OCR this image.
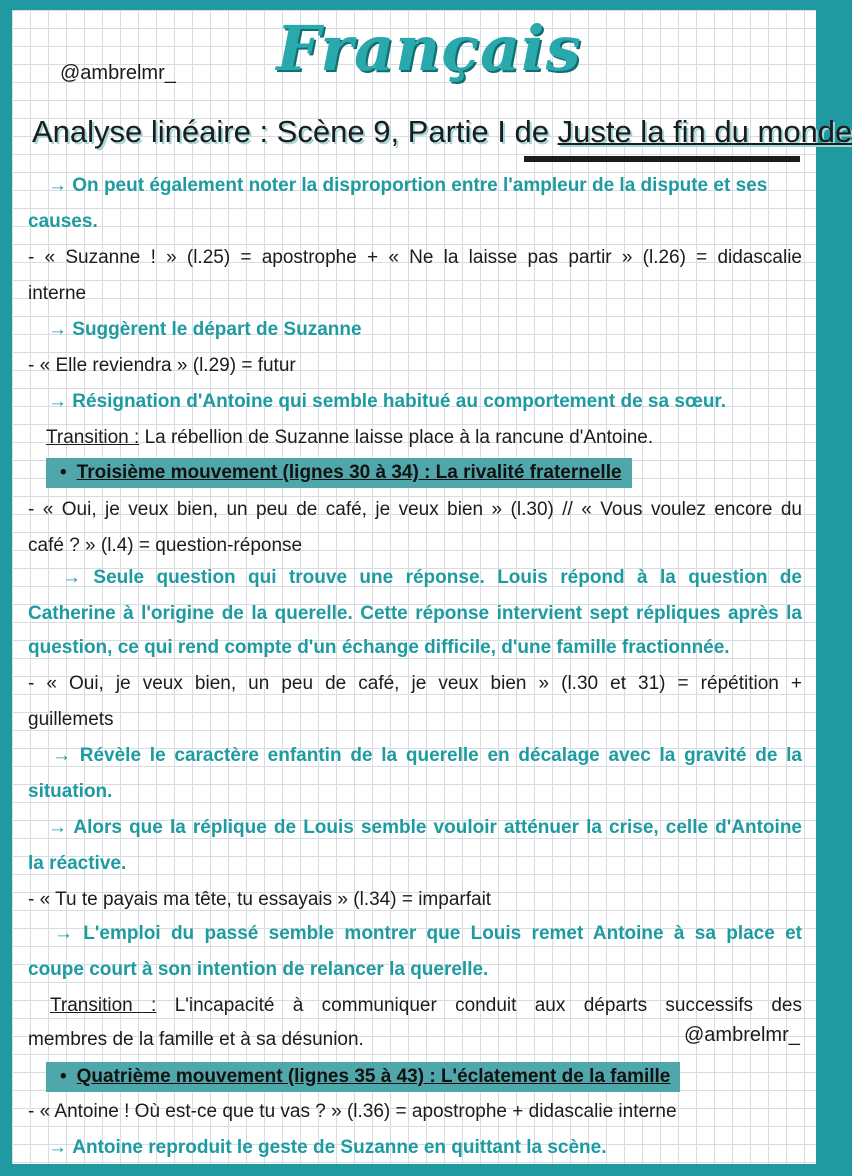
@ambrelmr_ Français
Analyse linéaire : Scène 9, Partie I de Juste la fin du monde
→ On peut également noter la disproportion entre l'ampleur de la dispute et ses
causes.
- « Suzanne ! » (l.25) = apostrophe + « Ne la laisse pas partir » (l.26) = didascalie
interne
→ Suggèrent le départ de Suzanne
- « Elle reviendra » (l.29) = futur
→ Résignation d'Antoine qui semble habitué au comportement de sa sœur.
Transition : La rébellion de Suzanne laisse place à la rancune d'Antoine.
• Troisième mouvement (lignes 30 à 34) : La rivalité fraternelle
- « Oui, je veux bien, un peu de café, je veux bien » (l.30) // « Vous voulez encore du
café ? » (l.4) = question-réponse
→ Seule question qui trouve une réponse. Louis répond à la question de
Catherine à l'origine de la querelle. Cette réponse intervient sept répliques après la
question, ce qui rend compte d'un échange difficile, d'une famille fractionnée.
- « Oui, je veux bien, un peu de café, je veux bien » (l.30 et 31) = répétition +
guillemets
→ Révèle le caractère enfantin de la querelle en décalage avec la gravité de la
situation.
→ Alors que la réplique de Louis semble vouloir atténuer la crise, celle d'Antoine
la réactive.
- « Tu te payais ma tête, tu essayais » (l.34) = imparfait
→ L'emploi du passé semble montrer que Louis remet Antoine à sa place et
coupe court à son intention de relancer la querelle.
Transition : L'incapacité à communiquer conduit aux départs successifs des
membres de la famille et à sa désunion.	@ambrelmr_
• Quatrième mouvement (lignes 35 à 43) : L'éclatement de la famille
- « Antoine ! Où est-ce que tu vas ? » (l.36) = apostrophe + didascalie interne
→ Antoine reproduit le geste de Suzanne en quittant la scène.
